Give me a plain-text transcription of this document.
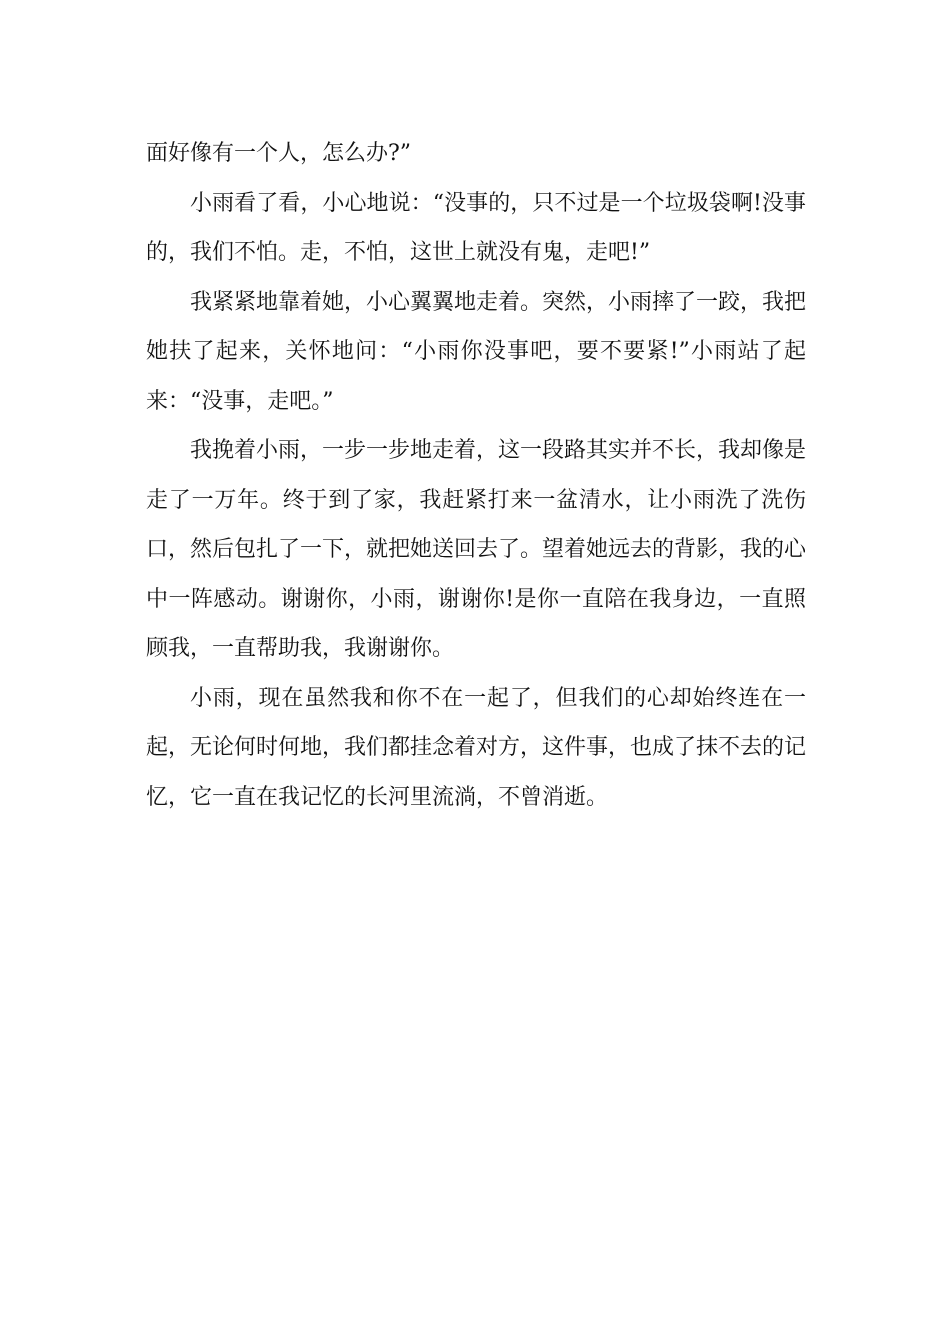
面好像有一个人，怎么办?”

小雨看了看，小心地说：“没事的，只不过是一个垃圾袋啊!没事的，我们不怕。走，不怕，这世上就没有鬼，走吧!”

我紧紧地靠着她，小心翼翼地走着。突然，小雨摔了一跤，我把她扶了起来，关怀地问：“小雨你没事吧，要不要紧!”小雨站了起来：“没事，走吧。”

我挽着小雨，一步一步地走着，这一段路其实并不长，我却像是走了一万年。终于到了家，我赶紧打来一盆清水，让小雨洗了洗伤口，然后包扎了一下，就把她送回去了。望着她远去的背影，我的心中一阵感动。谢谢你，小雨，谢谢你!是你一直陪在我身边，一直照顾我，一直帮助我，我谢谢你。

小雨，现在虽然我和你不在一起了，但我们的心却始终连在一起，无论何时何地，我们都挂念着对方，这件事，也成了抹不去的记忆，它一直在我记忆的长河里流淌，不曾消逝。
